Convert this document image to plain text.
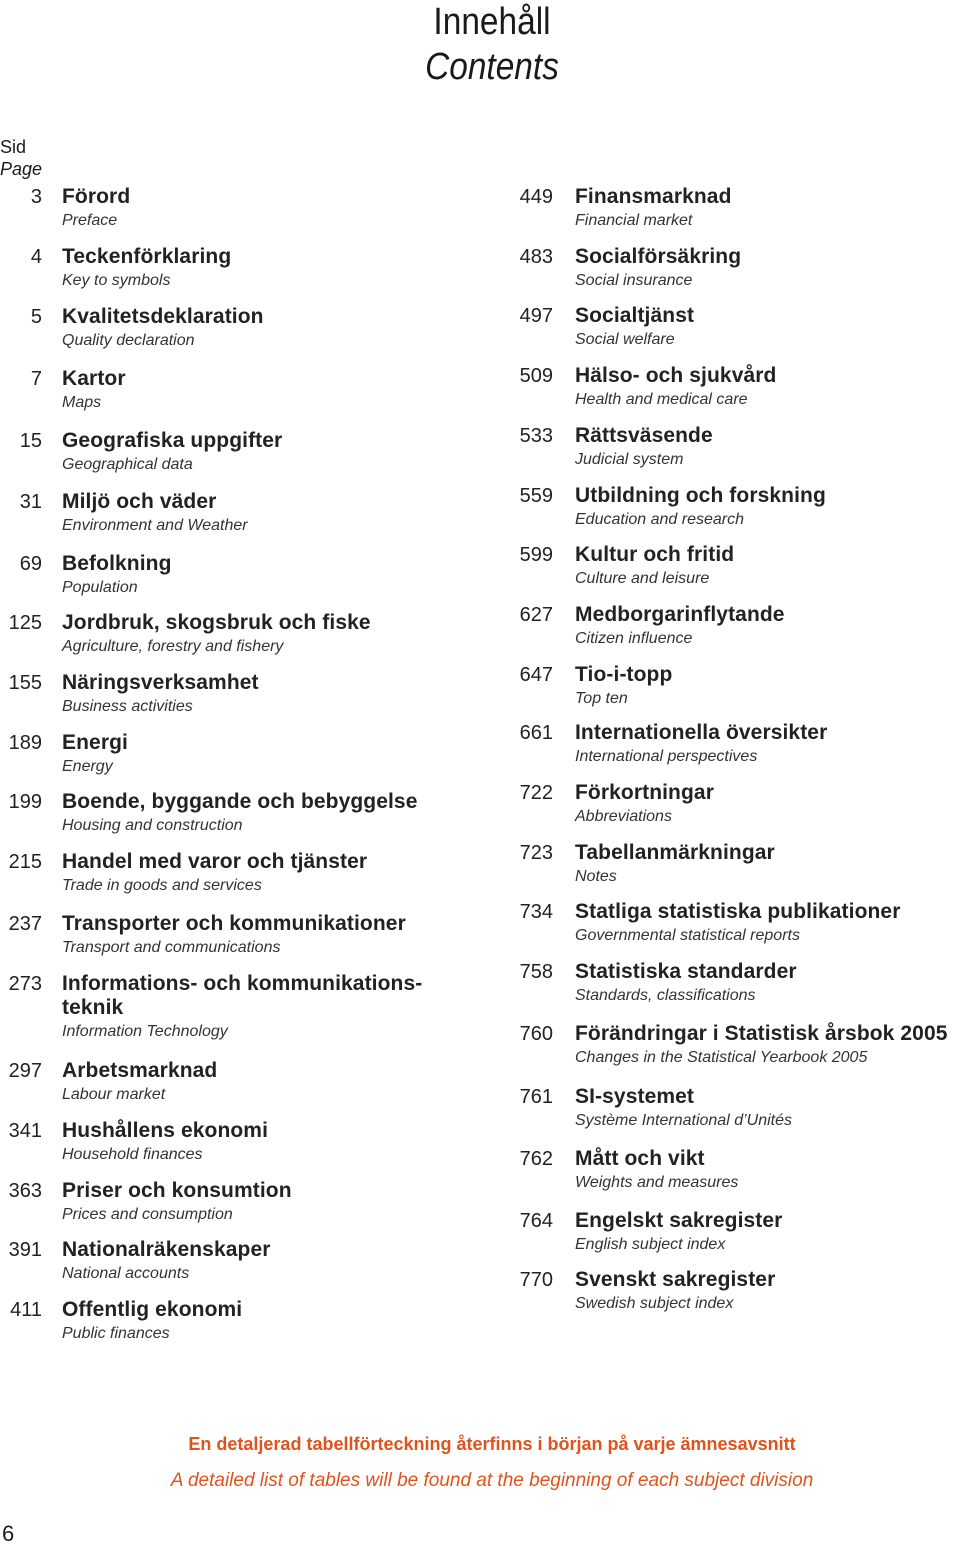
Innehåll
Contents
Sid
Page
3 Förord
Preface
4 Teckenförklaring
Key to symbols
5 Kvalitetsdeklaration
Quality declaration
7 Kartor
Maps
15 Geografiska uppgifter
Geographical data
31 Miljö och väder
Environment and Weather
69 Befolkning
Population
125 Jordbruk, skogsbruk och fiske
Agriculture, forestry and fishery
155 Näringsverksamhet
Business activities
189 Energi
Energy
199 Boende, byggande och bebyggelse
Housing and construction
215 Handel med varor och tjänster
Trade in goods and services
237 Transporter och kommunikationer
Transport and communications
273 Informations- och kommunikations-
teknik
Information Technology
297 Arbetsmarknad
Labour market
341 Hushållens ekonomi
Household finances
363 Priser och konsumtion
Prices and consumption
391 Nationalräkenskaper
National accounts
411 Offentlig ekonomi
Public finances
449 Finansmarknad
Financial market
483 Socialförsäkring
Social insurance
497 Socialtjänst
Social welfare
509 Hälso- och sjukvård
Health and medical care
533 Rättsväsende
Judicial system
559 Utbildning och forskning
Education and research
599 Kultur och fritid
Culture and leisure
627 Medborgarinflytande
Citizen influence
647 Tio-i-topp
Top ten
661 Internationella översikter
International perspectives
722 Förkortningar
Abbreviations
723 Tabellanmärkningar
Notes
734 Statliga statistiska publikationer
Governmental statistical reports
758 Statistiska standarder
Standards, classifications
760 Förändringar i Statistisk årsbok 2005
Changes in the Statistical Yearbook 2005
761 SI-systemet
Système International d’Unités
762 Mått och vikt
Weights and measures
764 Engelskt sakregister
English subject index
770 Svenskt sakregister
Swedish subject index
En detaljerad tabellförteckning återfinns i början på varje ämnesavsnitt
A detailed list of tables will be found at the beginning of each subject division
6
